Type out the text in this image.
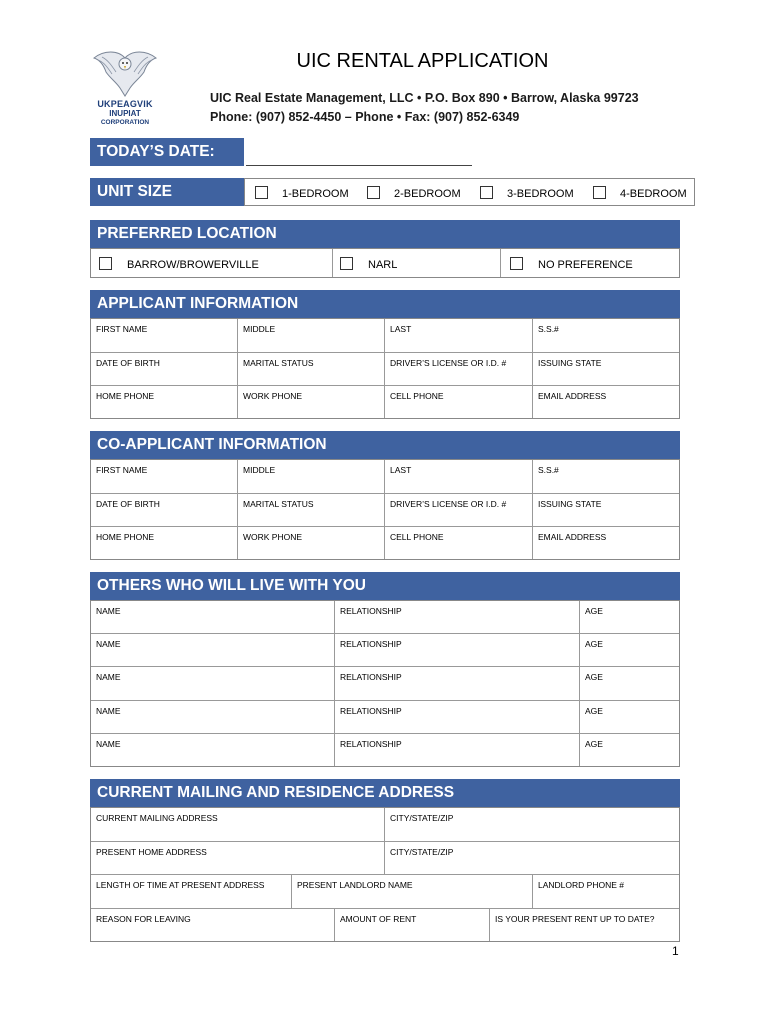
UKPEAGVIK
INUPIAT
CORPORATION
UIC RENTAL APPLICATION
UIC Real Estate Management, LLC • P.O. Box 890 • Barrow, Alaska 99723
Phone: (907) 852-4450 – Phone • Fax: (907) 852-6349
TODAY’S DATE:
UNIT SIZE	1-BEDROOM	2-BEDROOM	3-BEDROOM	4-BEDROOM
PREFERRED LOCATION
BARROW/BROWERVILLE	NARL	NO PREFERENCE
APPLICANT INFORMATION
FIRST NAME	MIDDLE	LAST	S.S.#
DATE OF BIRTH	MARITAL STATUS	DRIVER’S LICENSE OR I.D. #	ISSUING STATE
HOME PHONE	WORK PHONE	CELL PHONE	EMAIL ADDRESS
CO-APPLICANT INFORMATION
FIRST NAME	MIDDLE	LAST	S.S.#
DATE OF BIRTH	MARITAL STATUS	DRIVER’S LICENSE OR I.D. #	ISSUING STATE
HOME PHONE	WORK PHONE	CELL PHONE	EMAIL ADDRESS
OTHERS WHO WILL LIVE WITH YOU
NAME	RELATIONSHIP	AGE
NAME	RELATIONSHIP	AGE
NAME	RELATIONSHIP	AGE
NAME	RELATIONSHIP	AGE
NAME	RELATIONSHIP	AGE
CURRENT MAILING AND RESIDENCE ADDRESS
CURRENT MAILING ADDRESS	CITY/STATE/ZIP
PRESENT HOME ADDRESS	CITY/STATE/ZIP
LENGTH OF TIME AT PRESENT ADDRESS	PRESENT LANDLORD NAME	LANDLORD PHONE #
REASON FOR LEAVING	AMOUNT OF RENT	IS YOUR PRESENT RENT UP TO DATE?
1
